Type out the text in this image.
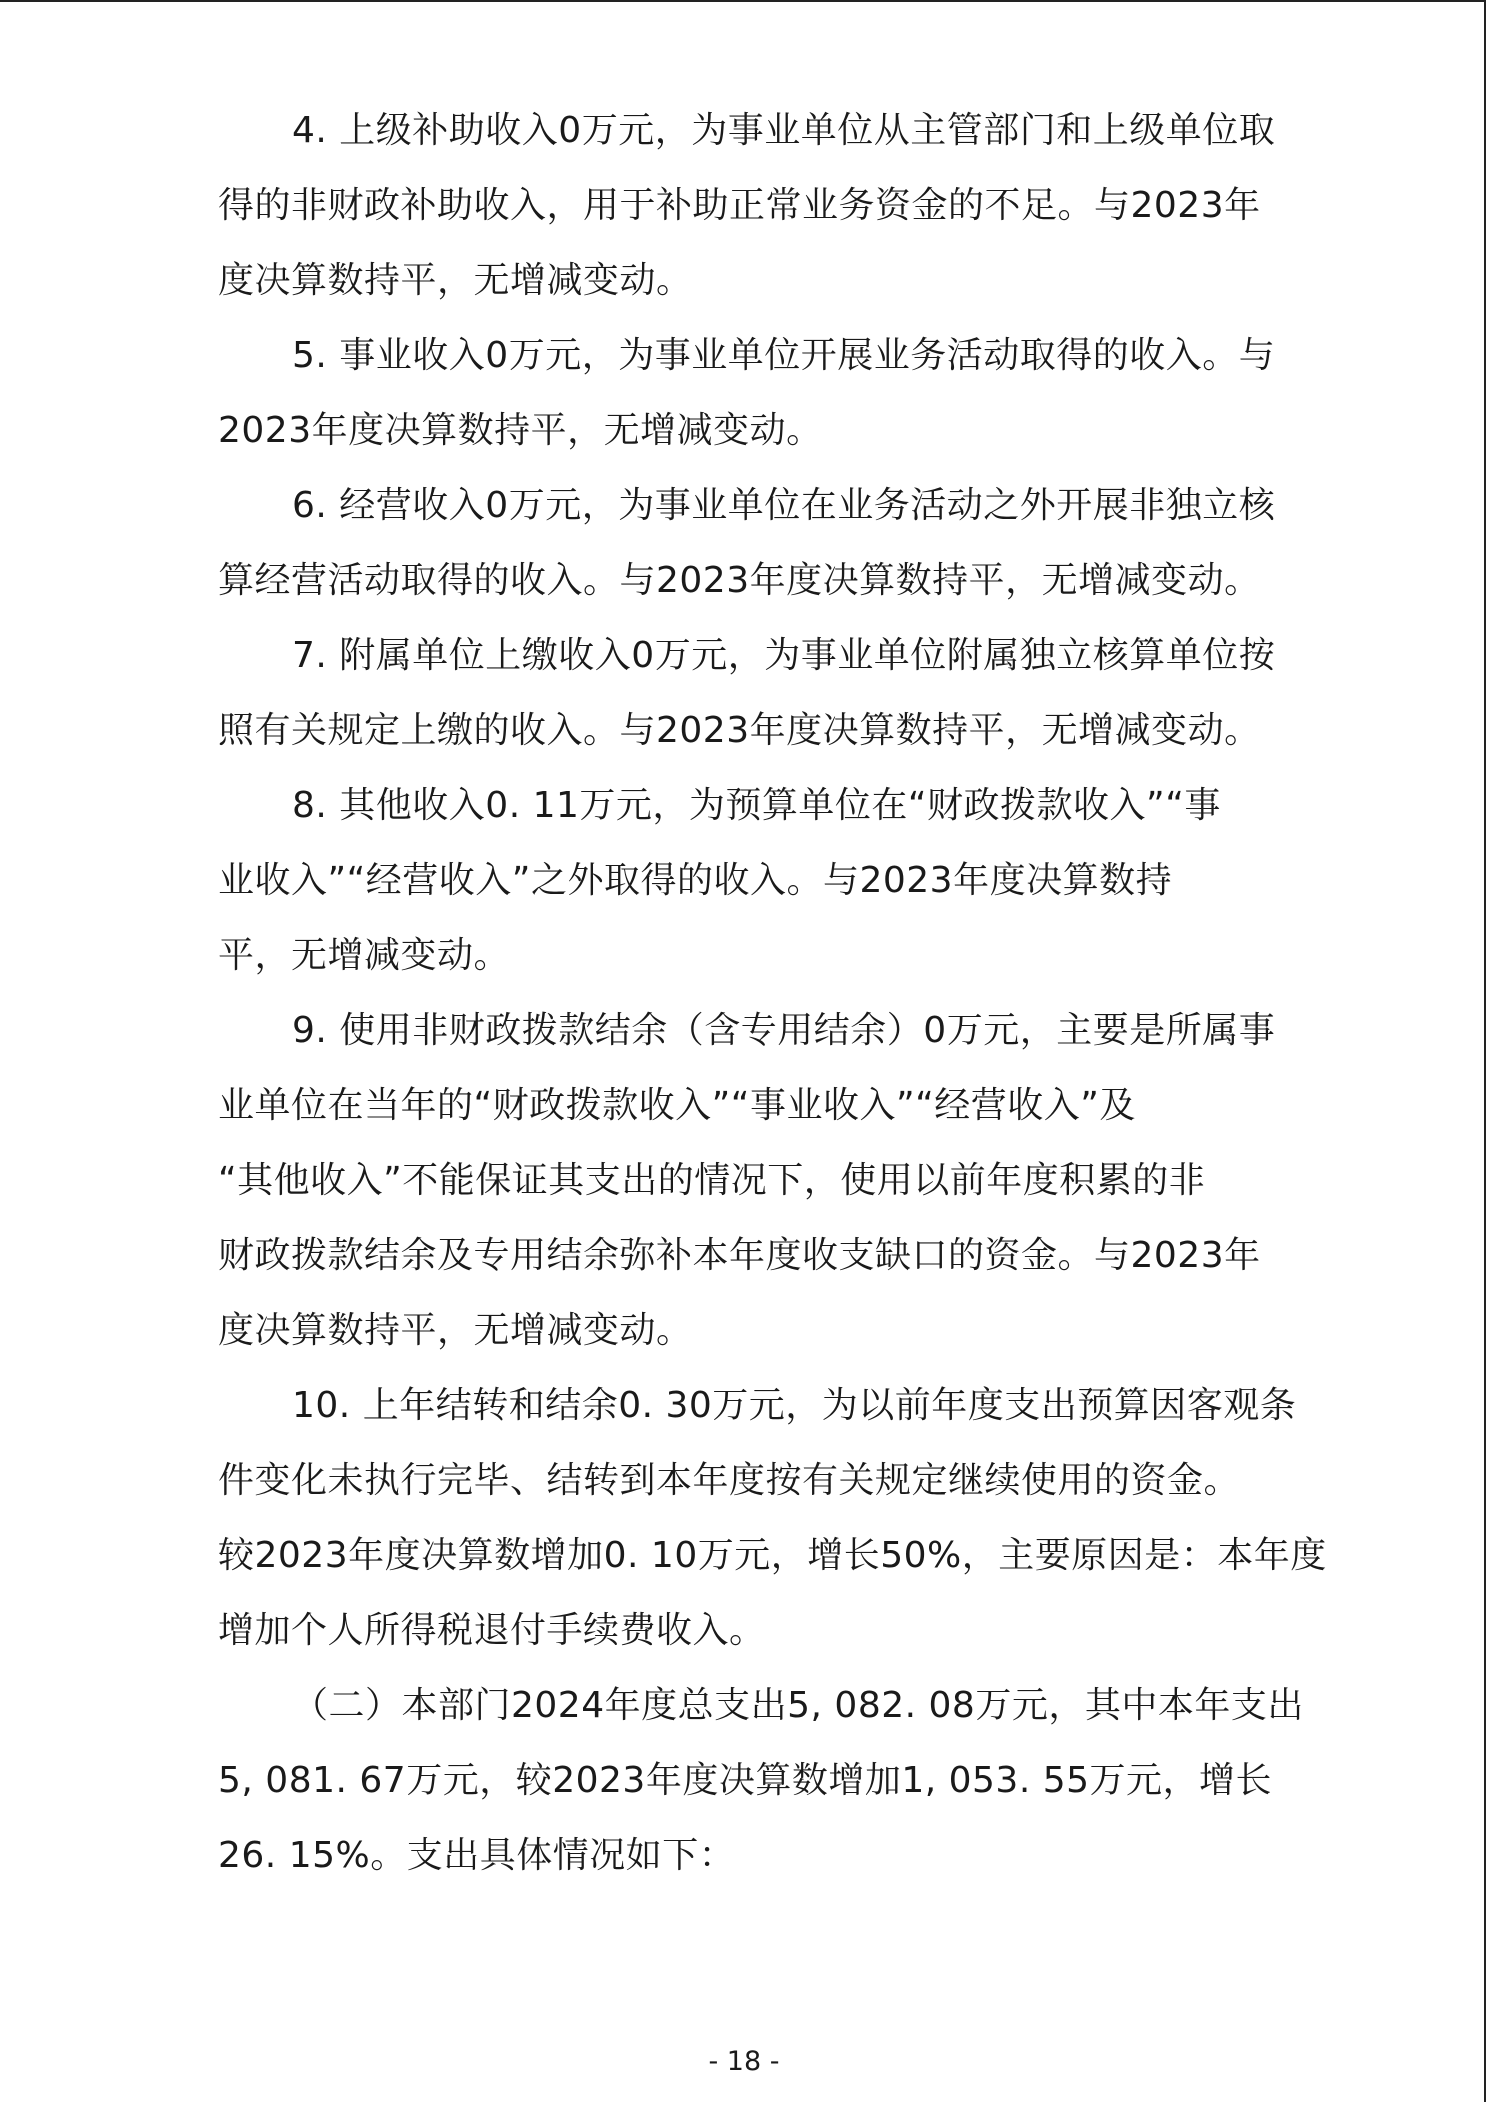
4. 上级补助收入0万元，为事业单位从主管部门和上级单位取
得的非财政补助收入，用于补助正常业务资金的不足。与2023年
度决算数持平，无增减变动。

5. 事业收入0万元，为事业单位开展业务活动取得的收入。与
2023年度决算数持平，无增减变动。

6. 经营收入0万元，为事业单位在业务活动之外开展非独立核
算经营活动取得的收入。与2023年度决算数持平，无增减变动。

7. 附属单位上缴收入0万元，为事业单位附属独立核算单位按
照有关规定上缴的收入。与2023年度决算数持平，无增减变动。

8. 其他收入0. 11万元，为预算单位在“财政拨款收入”“事
业收入”“经营收入”之外取得的收入。与2023年度决算数持
平，无增减变动。

9. 使用非财政拨款结余（含专用结余）0万元，主要是所属事
业单位在当年的“财政拨款收入”“事业收入”“经营收入”及
“其他收入”不能保证其支出的情况下，使用以前年度积累的非
财政拨款结余及专用结余弥补本年度收支缺口的资金。与2023年
度决算数持平，无增减变动。

10. 上年结转和结余0. 30万元，为以前年度支出预算因客观条
件变化未执行完毕、结转到本年度按有关规定继续使用的资金。
较2023年度决算数增加0. 10万元，增长50%，主要原因是：本年度
增加个人所得税退付手续费收入。

（二）本部门2024年度总支出5, 082. 08万元，其中本年支出
5, 081. 67万元，较2023年度决算数增加1, 053. 55万元，增长
26. 15%。支出具体情况如下：

- 18 -
